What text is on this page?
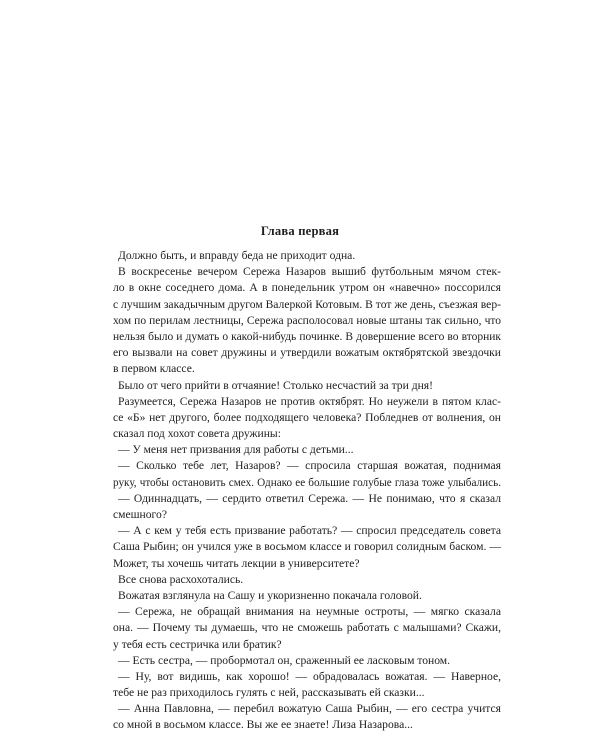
Глава первая
Должно быть, и вправду беда не приходит одна.
В воскресенье вечером Сережа Назаров вышиб футбольным мячом стек-
ло в окне соседнего дома. А в понедельник утром он «навечно» поссорился
с лучшим закадычным другом Валеркой Котовым. В тот же день, съезжая вер-
хом по перилам лестницы, Сережа располосовал новые штаны так сильно, что
нельзя было и думать о какой-нибудь починке. В довершение всего во вторник
его вызвали на совет дружины и утвердили вожатым октябрятской звездочки
в первом классе.
Было от чего прийти в отчаяние! Столько несчастий за три дня!
Разумеется, Сережа Назаров не против октябрят. Но неужели в пятом клас-
се «Б» нет другого, более подходящего человека? Побледнев от волнения, он
сказал под хохот совета дружины:
— У меня нет призвания для работы с детьми...
— Сколько тебе лет, Назаров? — спросила старшая вожатая, поднимая
руку, чтобы остановить смех. Однако ее большие голубые глаза тоже улыбались.
— Одиннадцать, — сердито ответил Сережа. — Не понимаю, что я сказал
смешного?
— А с кем у тебя есть призвание работать? — спросил председатель совета
Саша Рыбин; он учился уже в восьмом классе и говорил солидным баском. —
Может, ты хочешь читать лекции в университете?
Все снова расхохотались.
Вожатая взглянула на Сашу и укоризненно покачала головой.
— Сережа, не обращай внимания на неумные остроты, — мягко сказала
она. — Почему ты думаешь, что не сможешь работать с малышами? Скажи,
у тебя есть сестричка или братик?
— Есть сестра, — пробормотал он, сраженный ее ласковым тоном.
— Ну, вот видишь, как хорошо! — обрадовалась вожатая. — Наверное,
тебе не раз приходилось гулять с ней, рассказывать ей сказки...
— Анна Павловна, — перебил вожатую Саша Рыбин, — его сестра учится
со мной в восьмом классе. Вы же ее знаете! Лиза Назарова...
